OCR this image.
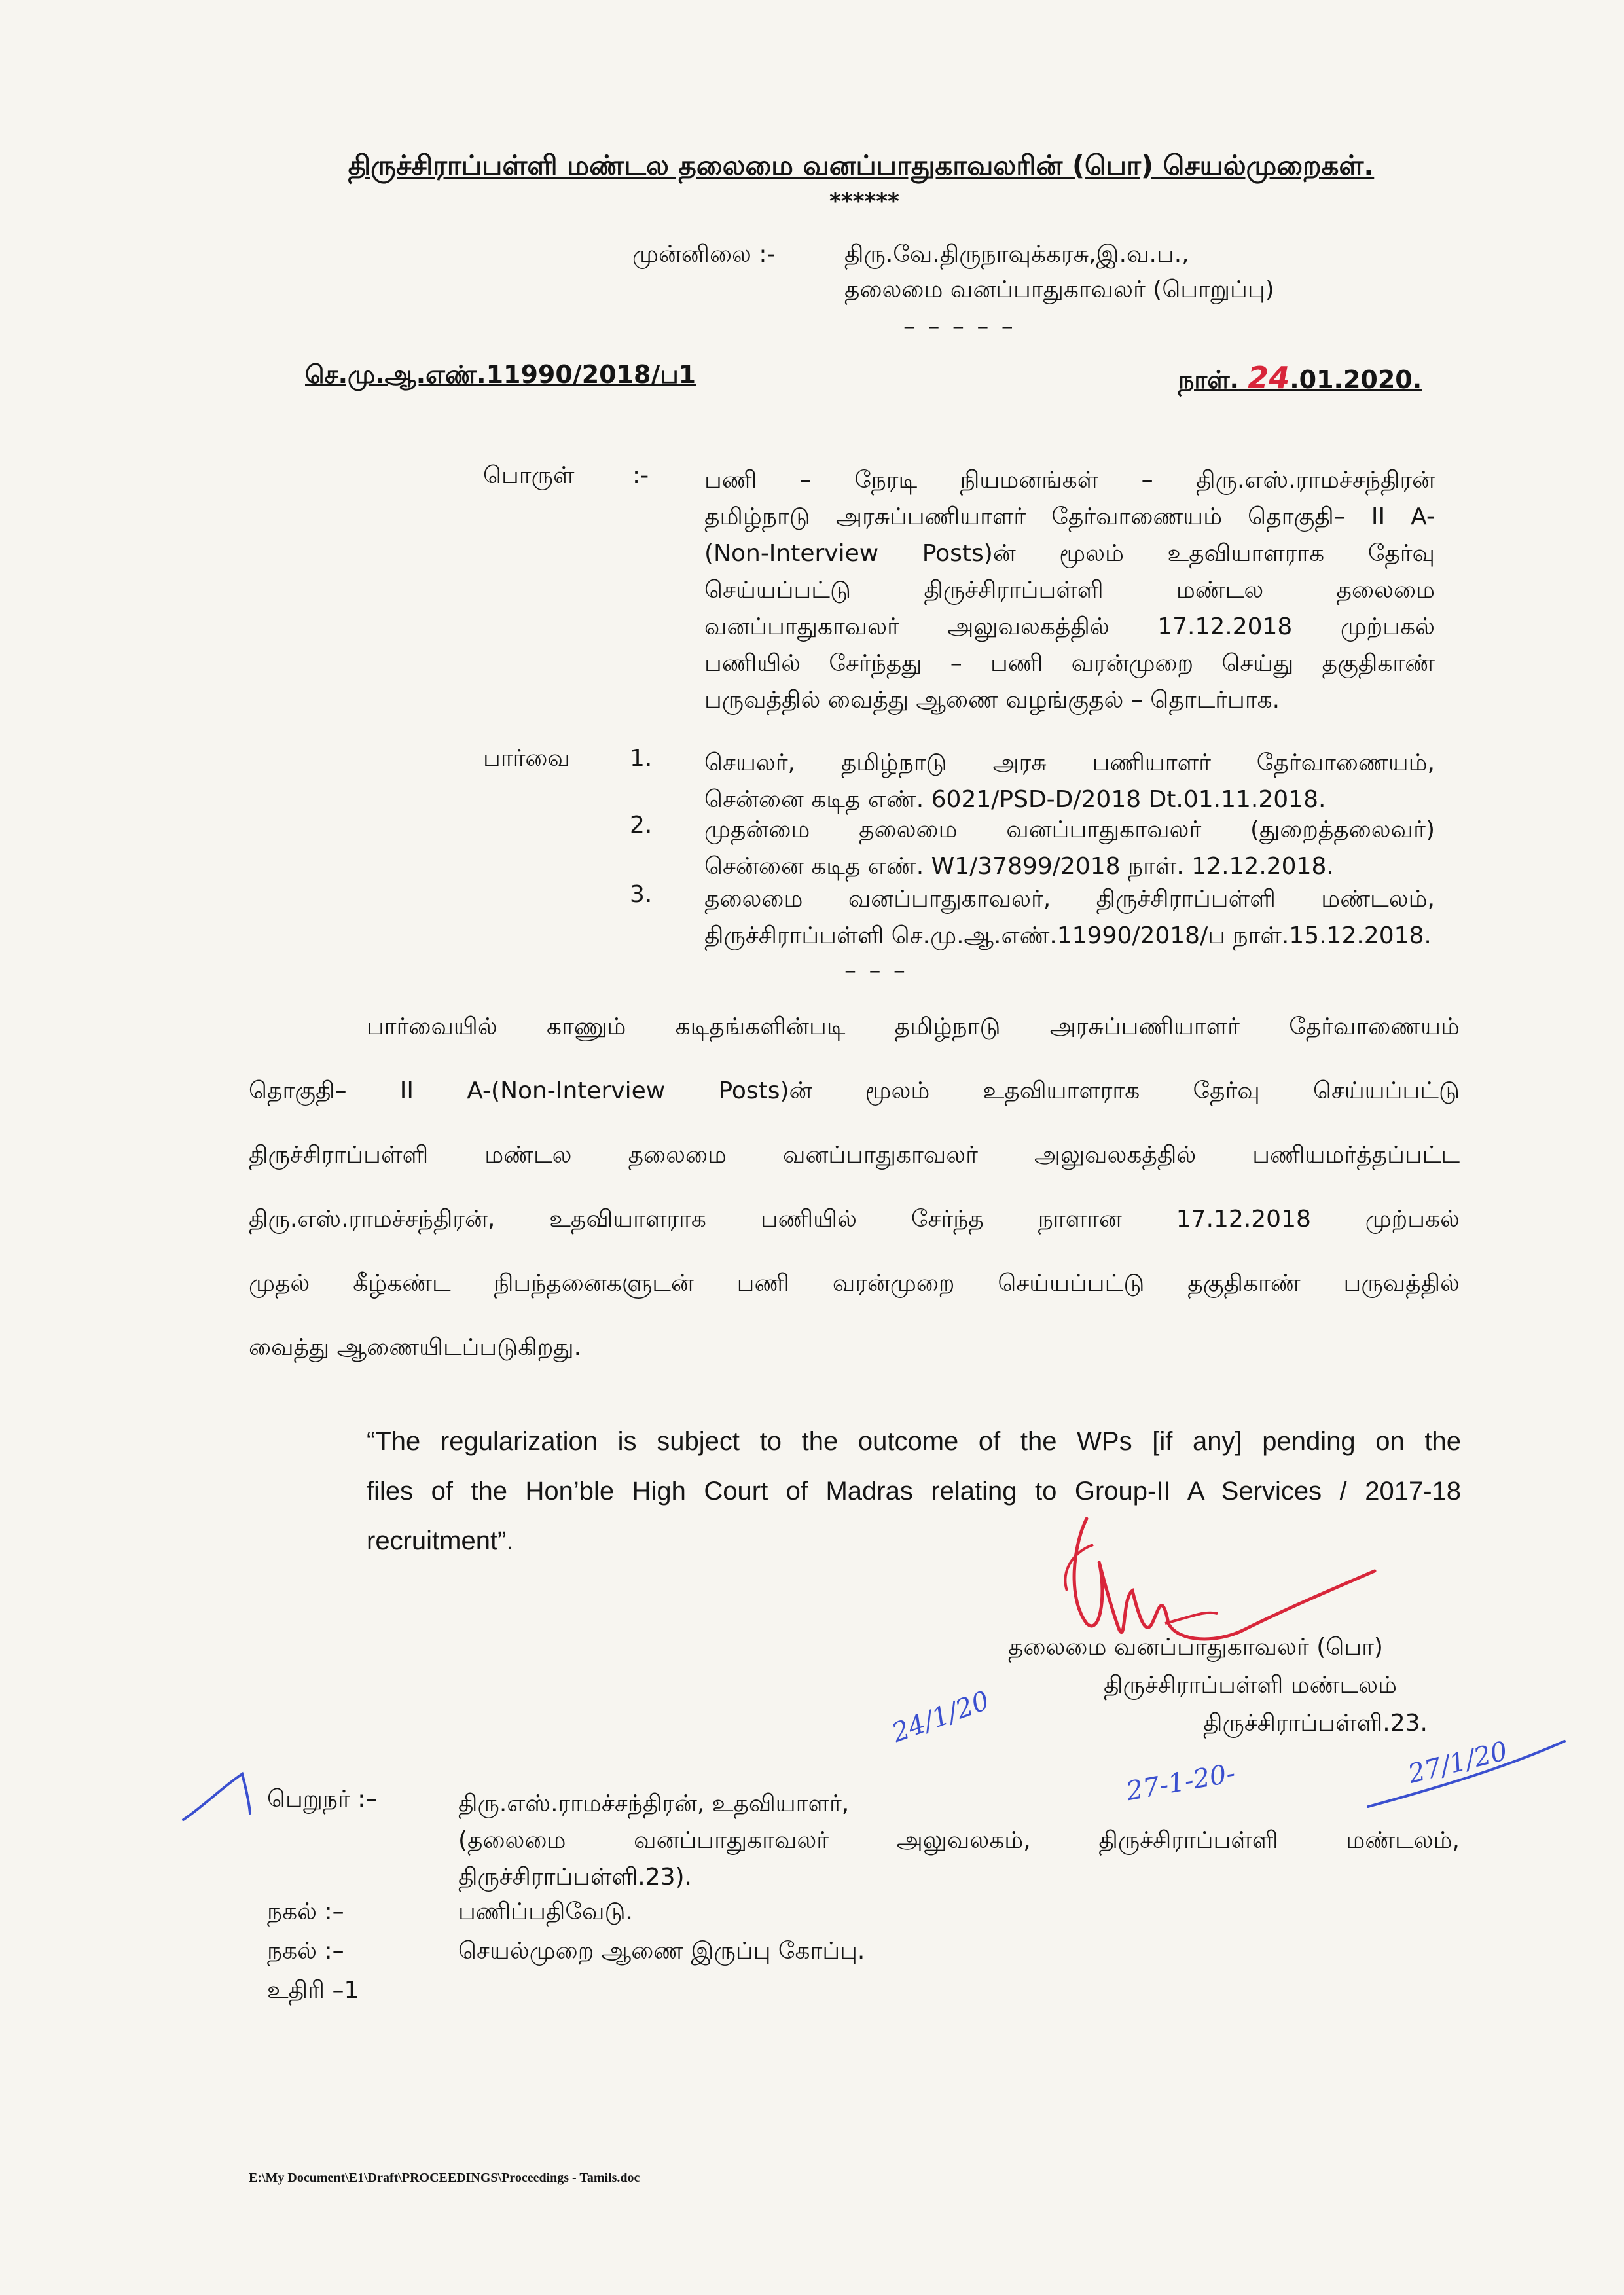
திருச்சிராப்பள்ளி மண்டல தலைமை வனப்பாதுகாவலரின் (பொ) செயல்முறைகள்.
******
முன்னிலை :-	திரு.வே.திருநாவுக்கரசு,இ.வ.ப.,
தலைமை வனப்பாதுகாவலர் (பொறுப்பு)
– – – – –
செ.மு.ஆ.எண்.11990/2018/ப1	நாள். 24.01.2020.
பொருள் :- பணி – நேரடி நியமனங்கள் – திரு.எஸ்.ராமச்சந்திரன்
தமிழ்நாடு அரசுப்பணியாளர் தேர்வாணையம் தொகுதி– II A-
(Non-Interview Posts)ன் மூலம் உதவியாளராக தேர்வு
செய்யப்பட்டு திருச்சிராப்பள்ளி மண்டல தலைமை
வனப்பாதுகாவலர் அலுவலகத்தில் 17.12.2018 முற்பகல்
பணியில் சேர்ந்தது – பணி வரன்முறை செய்து தகுதிகாண்
பருவத்தில் வைத்து ஆணை வழங்குதல் – தொடர்பாக.
பார்வை	1. செயலர், தமிழ்நாடு அரசு பணியாளர் தேர்வாணையம்,
சென்னை கடித எண். 6021/PSD-D/2018 Dt.01.11.2018.
2. முதன்மை தலைமை வனப்பாதுகாவலர் (துறைத்தலைவர்)
சென்னை கடித எண். W1/37899/2018 நாள். 12.12.2018.
3. தலைமை வனப்பாதுகாவலர், திருச்சிராப்பள்ளி மண்டலம்,
திருச்சிராப்பள்ளி செ.மு.ஆ.எண்.11990/2018/ப நாள்.15.12.2018.
– – –
பார்வையில் காணும் கடிதங்களின்படி தமிழ்நாடு அரசுப்பணியாளர் தேர்வாணையம்
தொகுதி– II A-(Non-Interview Posts)ன் மூலம் உதவியாளராக தேர்வு செய்யப்பட்டு
திருச்சிராப்பள்ளி மண்டல தலைமை வனப்பாதுகாவலர் அலுவலகத்தில் பணியமர்த்தப்பட்ட
திரு.எஸ்.ராமச்சந்திரன், உதவியாளராக பணியில் சேர்ந்த நாளான 17.12.2018 முற்பகல்
முதல் கீழ்கண்ட நிபந்தனைகளுடன் பணி வரன்முறை செய்யப்பட்டு தகுதிகாண் பருவத்தில்
வைத்து ஆணையிடப்படுகிறது.
“The regularization is subject to the outcome of the WPs [if any] pending on the
files of the Hon’ble High Court of Madras relating to Group-II A Services / 2017-18
recruitment”.
தலைமை வனப்பாதுகாவலர் (பொ)
திருச்சிராப்பள்ளி மண்டலம்
திருச்சிராப்பள்ளி.23.
24/1/20
27-1-20-	27/1/20
பெறுநர் :–	திரு.எஸ்.ராமச்சந்திரன், உதவியாளர்,
(தலைமை வனப்பாதுகாவலர் அலுவலகம், திருச்சிராப்பள்ளி மண்டலம்,
திருச்சிராப்பள்ளி.23).
நகல் :–	பணிப்பதிவேடு.
நகல் :–	செயல்முறை ஆணை இருப்பு கோப்பு.
உதிரி –1
E:\My Document\E1\Draft\PROCEEDINGS\Proceedings - Tamils.doc
